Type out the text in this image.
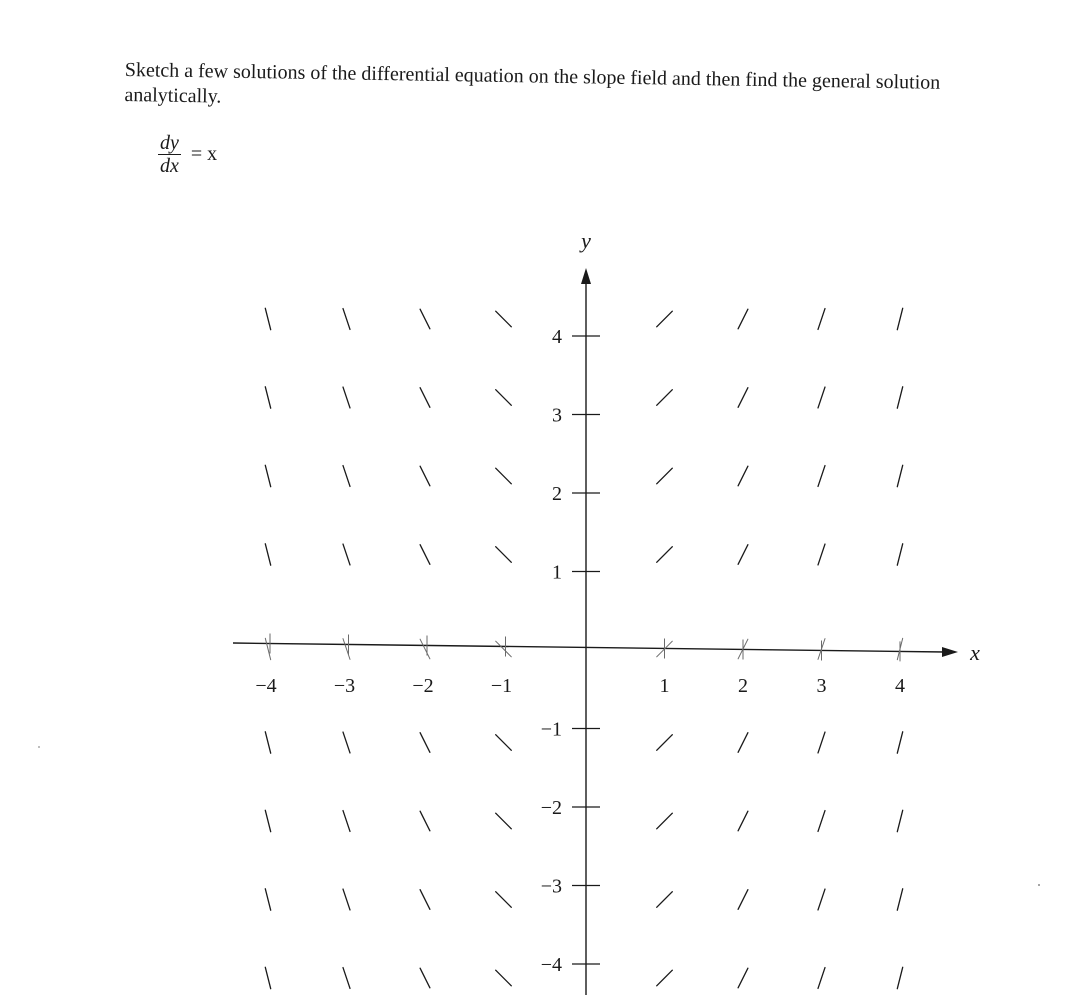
Sketch a few solutions of the differential equation on the slope field and then find the general solution analytically.
$\frac{dy}{dx} = x$
−4	−3	−2	−1	1	2	3	4
4
3
2
1
−1
−2
−3
−4
x
y
